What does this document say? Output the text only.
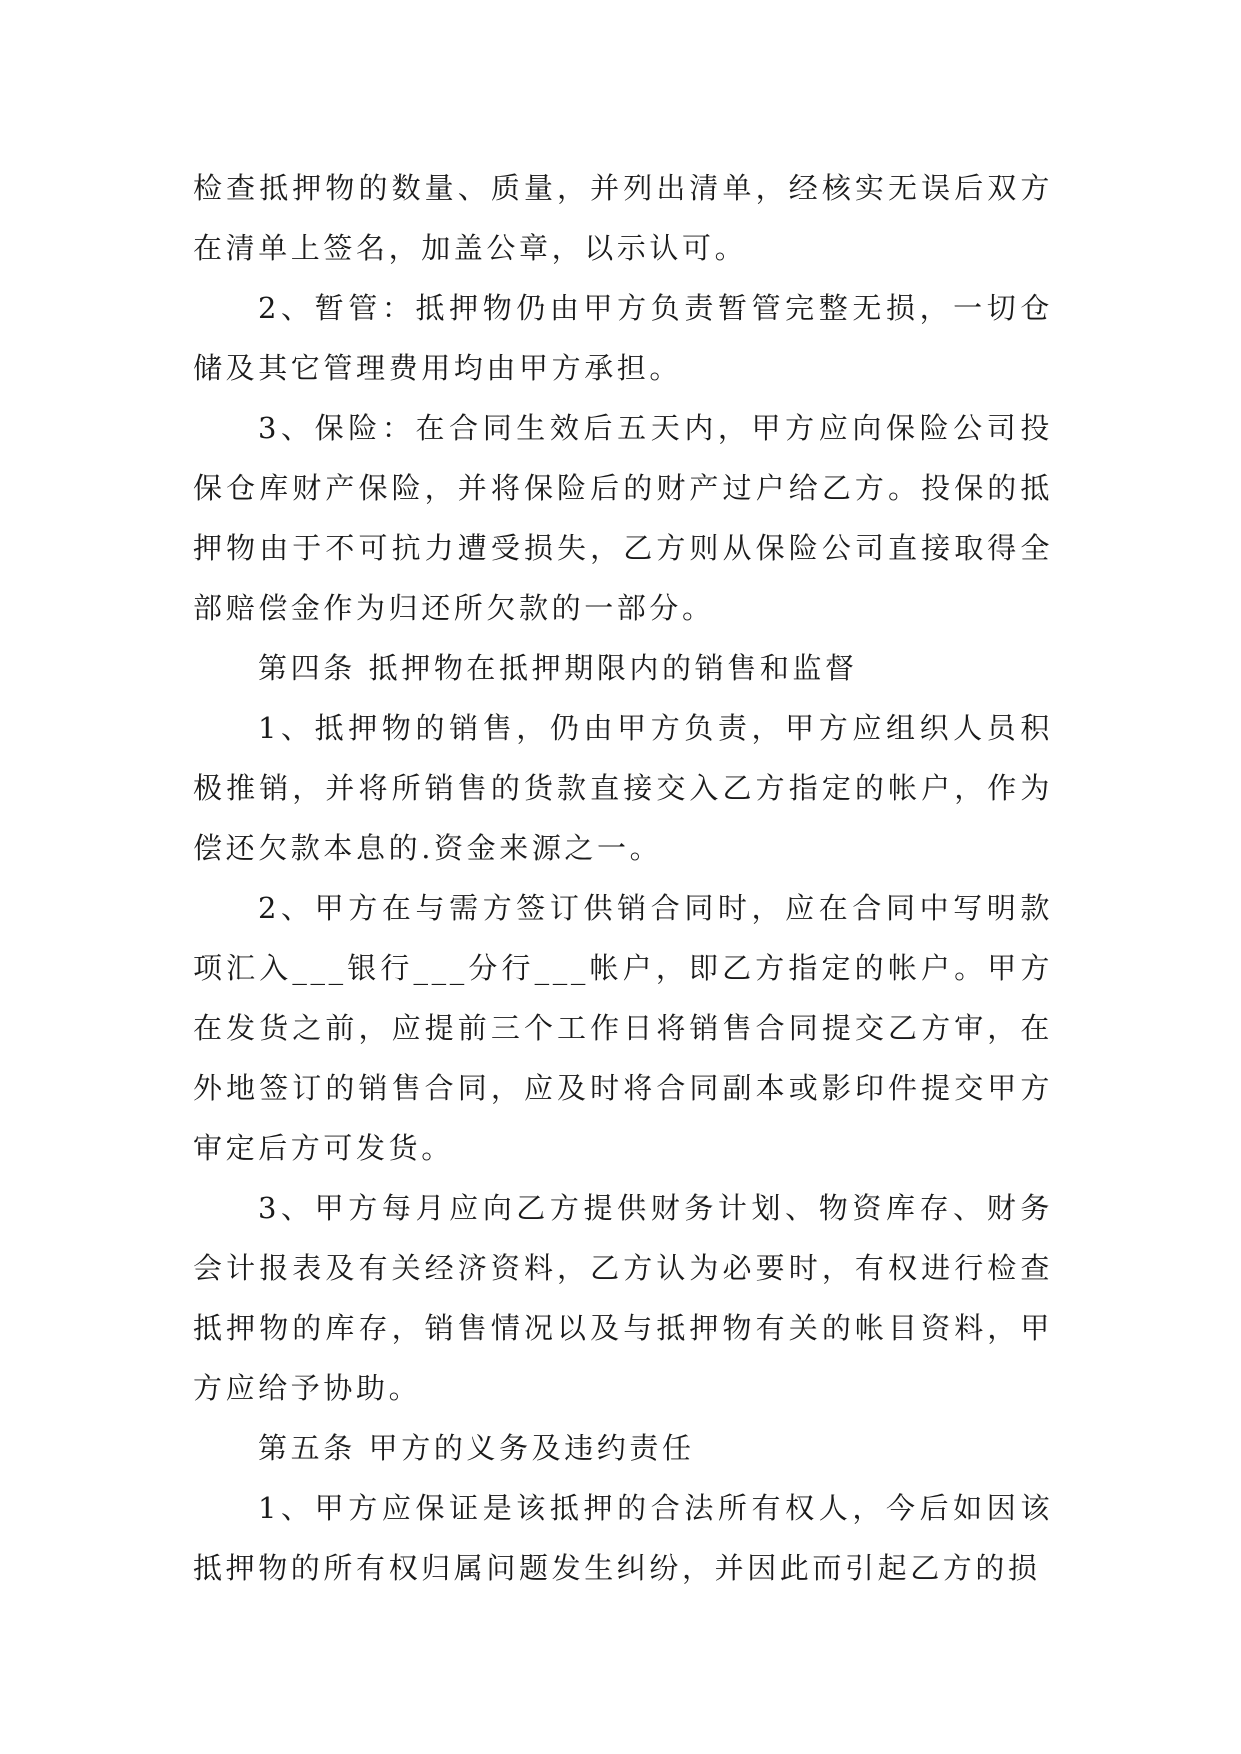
检查抵押物的数量、质量，并列出清单，经核实无误后双方在清单上签名，加盖公章，以示认可。

2、暂管：抵押物仍由甲方负责暂管完整无损，一切仓储及其它管理费用均由甲方承担。

3、保险：在合同生效后五天内，甲方应向保险公司投保仓库财产保险，并将保险后的财产过户给乙方。投保的抵押物由于不可抗力遭受损失，乙方则从保险公司直接取得全部赔偿金作为归还所欠款的一部分。

第四条 抵押物在抵押期限内的销售和监督

1、抵押物的销售，仍由甲方负责，甲方应组织人员积极推销，并将所销售的货款直接交入乙方指定的帐户，作为偿还欠款本息的.资金来源之一。

2、甲方在与需方签订供销合同时，应在合同中写明款项汇入___银行___分行___帐户，即乙方指定的帐户。甲方在发货之前，应提前三个工作日将销售合同提交乙方审，在外地签订的销售合同，应及时将合同副本或影印件提交甲方审定后方可发货。

3、甲方每月应向乙方提供财务计划、物资库存、财务会计报表及有关经济资料，乙方认为必要时，有权进行检查抵押物的库存，销售情况以及与抵押物有关的帐目资料，甲方应给予协助。

第五条 甲方的义务及违约责任

1、甲方应保证是该抵押的合法所有权人，今后如因该抵押物的所有权归属问题发生纠纷，并因此而引起乙方的损
